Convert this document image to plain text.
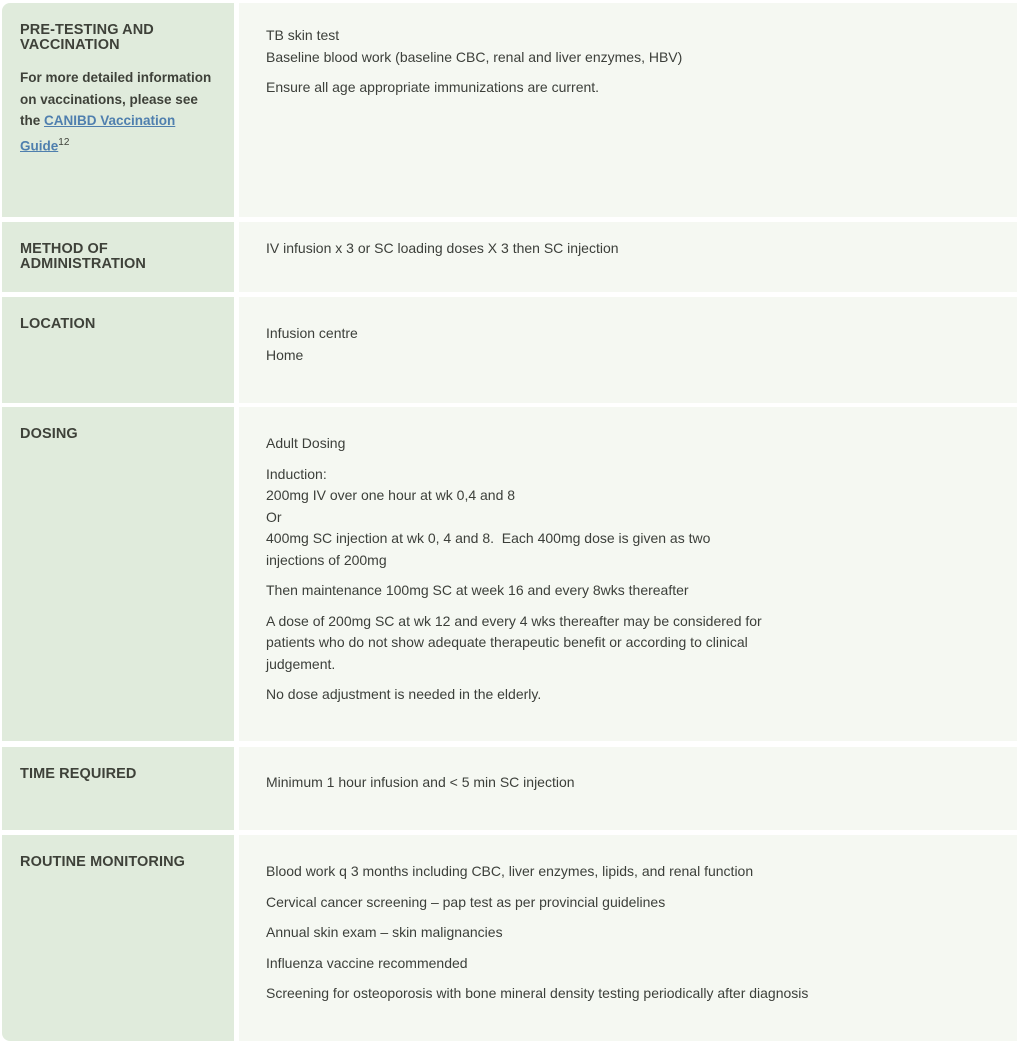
PRE-TESTING AND VACCINATION
For more detailed information on vaccinations, please see the CANIBD Vaccination Guide$^{12}$

TB skin test

Baseline blood work (baseline CBC, renal and liver enzymes, HBV)

Ensure all age appropriate immunizations are current.

METHOD OF ADMINISTRATION

IV infusion x 3 or SC loading doses X 3 then SC injection

LOCATION

Infusion centre

Home

DOSING

Adult Dosing

Induction:

200mg IV over one hour at wk 0,4 and 8

Or

400mg SC injection at wk 0, 4 and 8.  Each 400mg dose is given as two

injections of 200mg

Then maintenance 100mg SC at week 16 and every 8wks thereafter

A dose of 200mg SC at wk 12 and every 4 wks thereafter may be considered for

patients who do not show adequate therapeutic benefit or according to clinical

judgement.

No dose adjustment is needed in the elderly.

TIME REQUIRED	Minimum 1 hour infusion and < 5 min SC injection

ROUTINE MONITORING

Blood work q 3 months including CBC, liver enzymes, lipids, and renal function

Cervical cancer screening – pap test as per provincial guidelines

Annual skin exam – skin malignancies

Influenza vaccine recommended

Screening for osteoporosis with bone mineral density testing periodically after diagnosis
